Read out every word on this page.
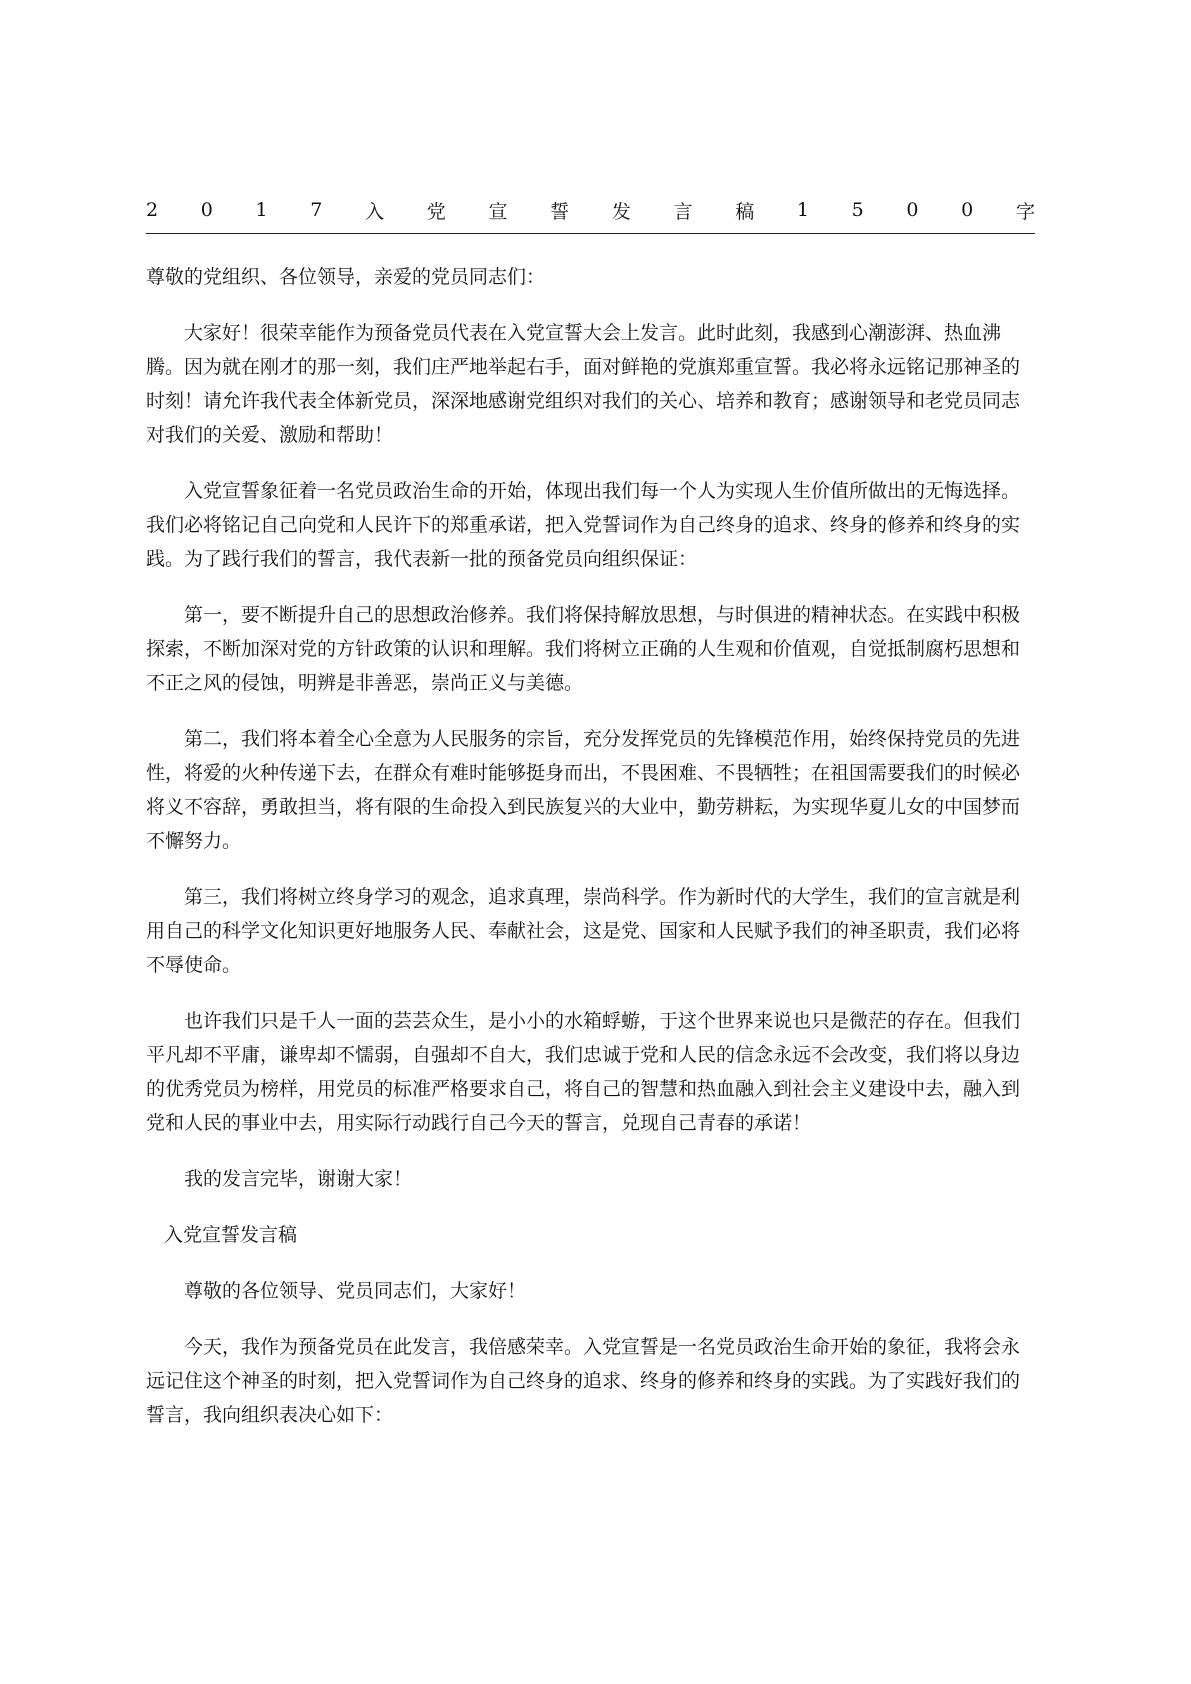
2 0 1 7 入 党 宣 誓 发 言 稿 1 5 0 0 字

尊敬的党组织、各位领导，亲爱的党员同志们：

大家好！很荣幸能作为预备党员代表在入党宣誓大会上发言。此时此刻，我感到心潮澎湃、热血沸腾。因为就在刚才的那一刻，我们庄严地举起右手，面对鲜艳的党旗郑重宣誓。我必将永远铭记那神圣的时刻！请允许我代表全体新党员，深深地感谢党组织对我们的关心、培养和教育；感谢领导和老党员同志对我们的关爱、激励和帮助！

入党宣誓象征着一名党员政治生命的开始，体现出我们每一个人为实现人生价值所做出的无悔选择。我们必将铭记自己向党和人民许下的郑重承诺，把入党誓词作为自己终身的追求、终身的修养和终身的实践。为了践行我们的誓言，我代表新一批的预备党员向组织保证：

第一，要不断提升自己的思想政治修养。我们将保持解放思想，与时俱进的精神状态。在实践中积极探索，不断加深对党的方针政策的认识和理解。我们将树立正确的人生观和价值观，自觉抵制腐朽思想和不正之风的侵蚀，明辨是非善恶，崇尚正义与美德。

第二，我们将本着全心全意为人民服务的宗旨，充分发挥党员的先锋模范作用，始终保持党员的先进性，将爱的火种传递下去，在群众有难时能够挺身而出，不畏困难、不畏牺牲；在祖国需要我们的时候必将义不容辞，勇敢担当，将有限的生命投入到民族复兴的大业中，勤劳耕耘，为实现华夏儿女的中国梦而不懈努力。

第三，我们将树立终身学习的观念，追求真理，崇尚科学。作为新时代的大学生，我们的宣言就是利用自己的科学文化知识更好地服务人民、奉献社会，这是党、国家和人民赋予我们的神圣职责，我们必将不辱使命。

也许我们只是千人一面的芸芸众生，是小小的水箱蜉蝣，于这个世界来说也只是微茫的存在。但我们平凡却不平庸，谦卑却不懦弱，自强却不自大，我们忠诚于党和人民的信念永远不会改变，我们将以身边的优秀党员为榜样，用党员的标准严格要求自己，将自己的智慧和热血融入到社会主义建设中去，融入到党和人民的事业中去，用实际行动践行自己今天的誓言，兑现自己青春的承诺！

我的发言完毕，谢谢大家！

入党宣誓发言稿

尊敬的各位领导、党员同志们，大家好！

今天，我作为预备党员在此发言，我倍感荣幸。入党宣誓是一名党员政治生命开始的象征，我将会永远记住这个神圣的时刻，把入党誓词作为自己终身的追求、终身的修养和终身的实践。为了实践好我们的誓言，我向组织表决心如下：
